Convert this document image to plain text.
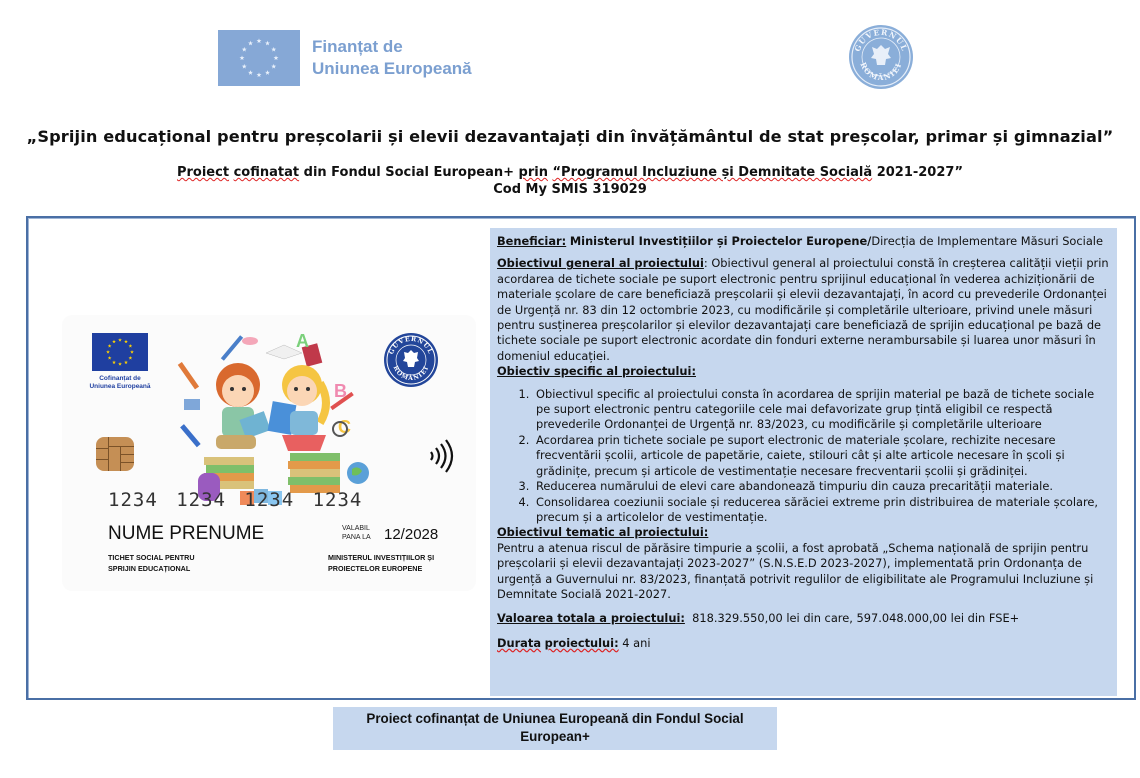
Finanțat de
Uniunea Europeană
GUVERNUL
ROMÂNIEI
„Sprijin educațional pentru preșcolarii și elevii dezavantajați din învățământul de stat preșcolar, primar și gimnazial”
Proiect cofinatat din Fondul Social European+ prin “Programul Incluziune și Demnitate Socială 2021-2027”
Cod My SMIS 319029
Cofinanțat de
Uniunea Europeană
GUVERNUL
ROMÂNIEI
A
B
C
1234 1234 1234 1234
NUME PRENUME	VALABIL
PANA LA 12/2028
TICHET SOCIAL PENTRU
SPRIJIN EDUCAȚIONAL
MINISTERUL INVESTIȚIILOR ȘI
PROIECTELOR EUROPENE

Beneficiar: Ministerul Investițiilor și Proiectelor Europene/Direcția de Implementare Măsuri Sociale

Obiectivul general al proiectului: Obiectivul general al proiectului constă în creșterea calității vieții prin acordarea de tichete sociale pe suport electronic pentru sprijinul educațional în vederea achiziționării de materiale școlare de care beneficiază preșcolarii și elevii dezavantajați, în acord cu prevederile Ordonanței de Urgență nr. 83 din 12 octombrie 2023, cu modificările și completările ulterioare, privind unele măsuri pentru susținerea preșcolarilor și elevilor dezavantajați care beneficiază de sprijin educațional pe bază de tichete sociale pe suport electronic acordate din fonduri externe nerambursabile și luarea unor măsuri în domeniul educației.

Obiectiv specific al proiectului:

1. Obiectivul specific al proiectului consta în acordarea de sprijin material pe bază de tichete sociale pe suport electronic pentru categoriile cele mai defavorizate grup țintă eligibil ce respectă prevederile Ordonanței de Urgență nr. 83/2023, cu modificările și completările ulterioare
2. Acordarea prin tichete sociale pe suport electronic de materiale școlare, rechizite necesare frecventării școlii, articole de papetărie, caiete, stilouri cât și alte articole necesare în școli și grădinițe, precum și articole de vestimentație necesare frecventarii școlii și grădiniței.
3. Reducerea numărului de elevi care abandonează timpuriu din cauza precarității materiale.
4. Consolidarea coeziunii sociale și reducerea sărăciei extreme prin distribuirea de materiale școlare, precum și a articolelor de vestimentație.

Obiectivul tematic al proiectului:

Pentru a atenua riscul de părăsire timpurie a școlii, a fost aprobată „Schema națională de sprijin pentru preșcolarii și elevii dezavantajați 2023-2027” (S.N.S.E.D 2023-2027), implementată prin Ordonanța de urgență a Guvernului nr. 83/2023, finanțată potrivit regulilor de eligibilitate ale Programului Incluziune și Demnitate Socială 2021-2027.

Valoarea totala a proiectului: 818.329.550,00 lei din care, 597.048.000,00 lei din FSE+

Durata proiectului: 4 ani

Proiect cofinanțat de Uniunea Europeană din Fondul Social
European+
